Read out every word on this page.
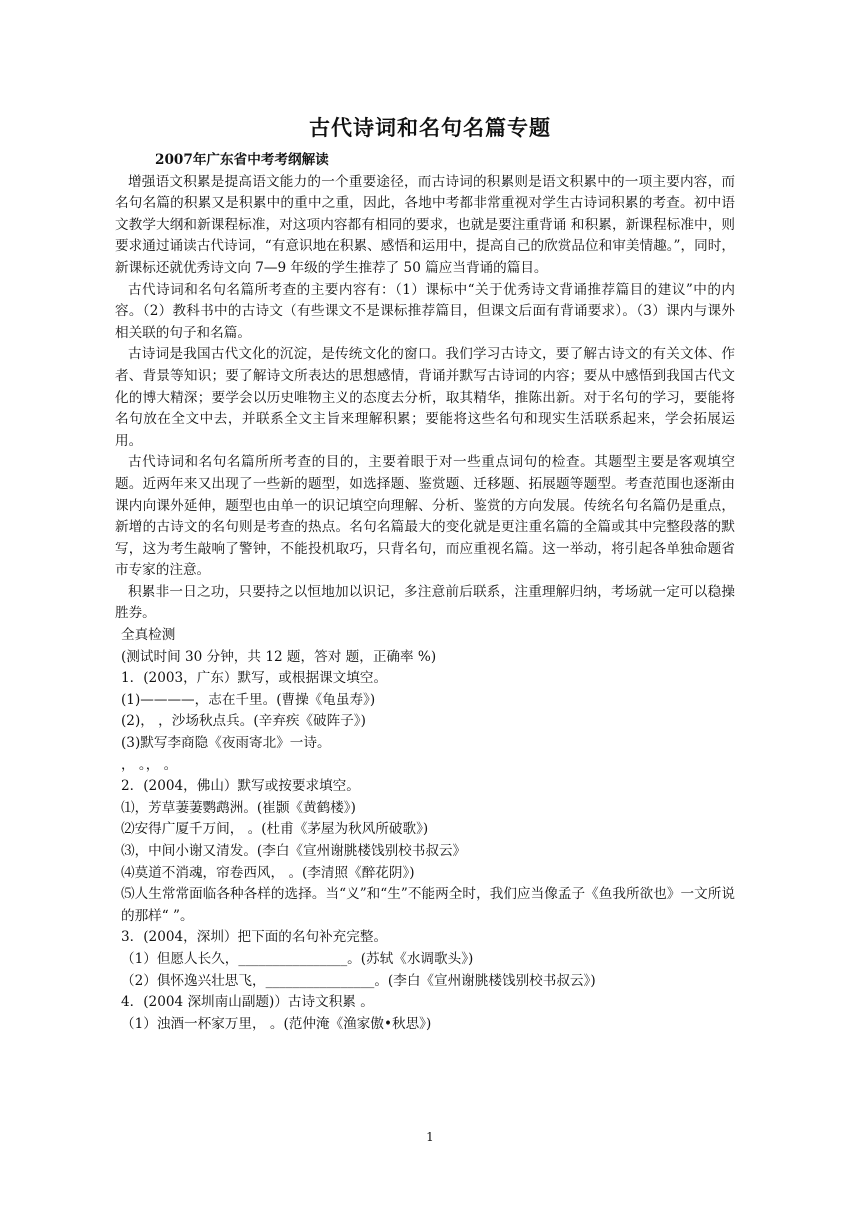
古代诗词和名句名篇专题

2007年广东省中考考纲解读

增强语文积累是提高语文能力的一个重要途径，而古诗词的积累则是语文积累中的一项主要内容，而名句名篇的积累又是积累中的重中之重，因此，各地中考都非常重视对学生古诗词积累的考查。初中语文教学大纲和新课程标准，对这项内容都有相同的要求，也就是要注重背诵 和积累，新课程标准中，则要求通过诵读古代诗词，“有意识地在积累、感悟和运用中，提高自己的欣赏品位和审美情趣。”，同时，新课标还就优秀诗文向 7—9 年级的学生推荐了 50 篇应当背诵的篇目。

古代诗词和名句名篇所考查的主要内容有：（1）课标中“关于优秀诗文背诵推荐篇目的建议”中的内容。（2）教科书中的古诗文（有些课文不是课标推荐篇目，但课文后面有背诵要求）。（3）课内与课外相关联的句子和名篇。

古诗词是我国古代文化的沉淀，是传统文化的窗口。我们学习古诗文，要了解古诗文的有关文体、作者、背景等知识；要了解诗文所表达的思想感情，背诵并默写古诗词的内容；要从中感悟到我国古代文化的博大精深；要学会以历史唯物主义的态度去分析，取其精华，推陈出新。对于名句的学习，要能将名句放在全文中去，并联系全文主旨来理解积累；要能将这些名句和现实生活联系起来，学会拓展运用。

古代诗词和名句名篇所所考查的目的，主要着眼于对一些重点词句的检查。其题型主要是客观填空题。近两年来又出现了一些新的题型，如选择题、鉴赏题、迁移题、拓展题等题型。考查范围也逐渐由课内向课外延伸，题型也由单一的识记填空向理解、分析、鉴赏的方向发展。传统名句名篇仍是重点，新增的古诗文的名句则是考查的热点。名句名篇最大的变化就是更注重名篇的全篇或其中完整段落的默写，这为考生敲响了警钟，不能投机取巧，只背名句，而应重视名篇。这一举动，将引起各单独命题省市专家的注意。

积累非一日之功，只要持之以恒地加以识记，多注意前后联系，注重理解归纳，考场就一定可以稳操胜券。

全真检测

(测试时间 30 分钟，共 12 题，答对 题，正确率 %)

1．(2003，广东）默写，或根据课文填空。

(1)————，志在千里。(曹操《龟虽寿》)

(2)， ，沙场秋点兵。(辛弃疾《破阵子》)

(3)默写李商隐《夜雨寄北》一诗。

， 。， 。

2．(2004，佛山）默写或按要求填空。

⑴，芳草萋萋鹦鹉洲。(崔颢《黄鹤楼》)

⑵安得广厦千万间， 。(杜甫《茅屋为秋风所破歌》)

⑶，中间小谢又清发。(李白《宣州谢朓楼饯别校书叔云》

⑷莫道不消魂，帘卷西风， 。(李清照《醉花阴》)

⑸人生常常面临各种各样的选择。当“义”和“生”不能两全时，我们应当像孟子《鱼我所欲也》一文所说的那样“ ”。

3．(2004，深圳）把下面的名句补充完整。

（1）但愿人长久，________________。(苏轼《水调歌头》)

（2）俱怀逸兴壮思飞，________________。(李白《宣州谢朓楼饯别校书叔云》)

4．(2004 深圳南山副题)）古诗文积累 。

（1）浊酒一杯家万里， 。(范仲淹《渔家傲•秋思》)

1
